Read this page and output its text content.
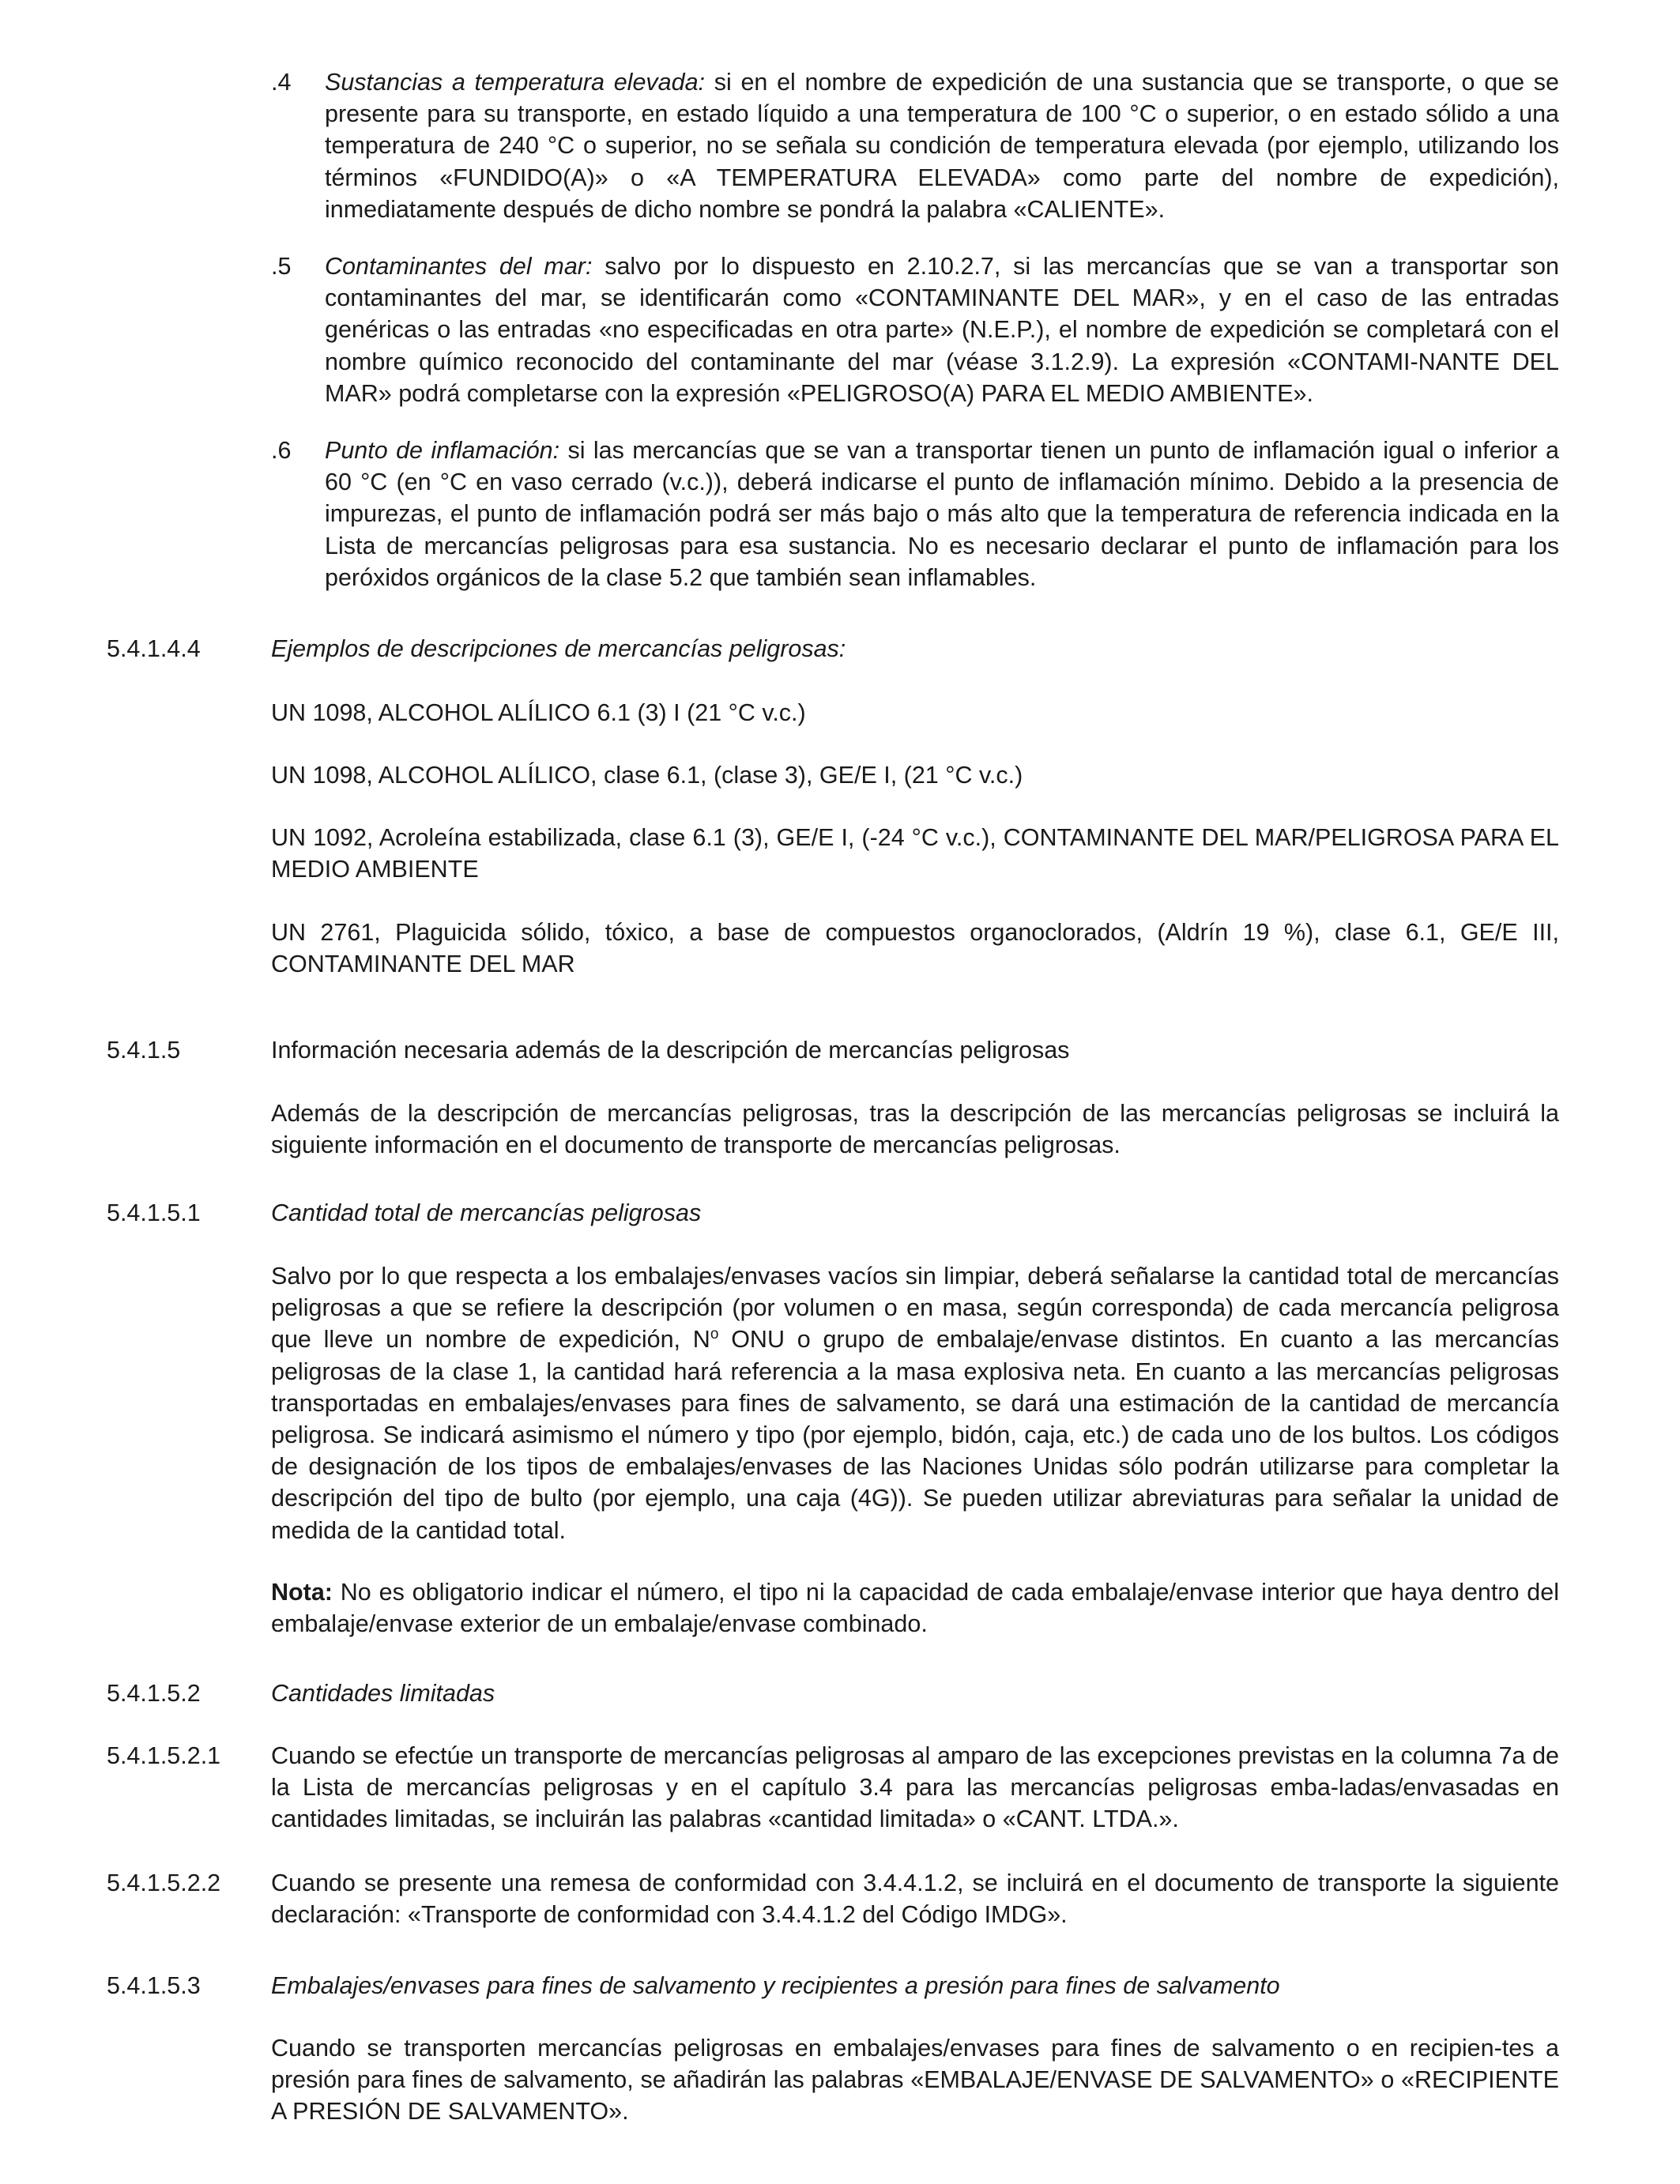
.4 Sustancias a temperatura elevada: si en el nombre de expedición de una sustancia que se transporte, o que se presente para su transporte, en estado líquido a una temperatura de 100 °C o superior, o en estado sólido a una temperatura de 240 °C o superior, no se señala su condición de temperatura elevada (por ejemplo, utilizando los términos «FUNDIDO(A)» o «A TEMPERATURA ELEVADA» como parte del nombre de expedición), inmediatamente después de dicho nombre se pondrá la palabra «CALIENTE».

.5 Contaminantes del mar: salvo por lo dispuesto en 2.10.2.7, si las mercancías que se van a transportar son contaminantes del mar, se identificarán como «CONTAMINANTE DEL MAR», y en el caso de las entradas genéricas o las entradas «no especificadas en otra parte» (N.E.P.), el nombre de expedición se completará con el nombre químico reconocido del contaminante del mar (véase 3.1.2.9). La expresión «CONTAMI-NANTE DEL MAR» podrá completarse con la expresión «PELIGROSO(A) PARA EL MEDIO AMBIENTE».

.6 Punto de inflamación: si las mercancías que se van a transportar tienen un punto de inflamación igual o inferior a 60 °C (en °C en vaso cerrado (v.c.)), deberá indicarse el punto de inflamación mínimo. Debido a la presencia de impurezas, el punto de inflamación podrá ser más bajo o más alto que la temperatura de referencia indicada en la Lista de mercancías peligrosas para esa sustancia. No es necesario declarar el punto de inflamación para los peróxidos orgánicos de la clase 5.2 que también sean inflamables.

5.4.1.4.4	Ejemplos de descripciones de mercancías peligrosas:

UN 1098, ALCOHOL ALÍLICO 6.1 (3) I (21 °C v.c.)

UN 1098, ALCOHOL ALÍLICO, clase 6.1, (clase 3), GE/E I, (21 °C v.c.)

UN 1092, Acroleína estabilizada, clase 6.1 (3), GE/E I, (-24 °C v.c.), CONTAMINANTE DEL MAR/PELIGROSA PARA EL MEDIO AMBIENTE

UN 2761, Plaguicida sólido, tóxico, a base de compuestos organoclorados, (Aldrín 19 %), clase 6.1, GE/E III, CONTAMINANTE DEL MAR

5.4.1.5	Información necesaria además de la descripción de mercancías peligrosas

Además de la descripción de mercancías peligrosas, tras la descripción de las mercancías peligrosas se incluirá la siguiente información en el documento de transporte de mercancías peligrosas.

5.4.1.5.1	Cantidad total de mercancías peligrosas

Salvo por lo que respecta a los embalajes/envases vacíos sin limpiar, deberá señalarse la cantidad total de mercancías peligrosas a que se refiere la descripción (por volumen o en masa, según corresponda) de cada mercancía peligrosa que lleve un nombre de expedición, $N^o$ ONU o grupo de embalaje/envase distintos. En cuanto a las mercancías peligrosas de la clase 1, la cantidad hará referencia a la masa explosiva neta. En cuanto a las mercancías peligrosas transportadas en embalajes/envases para fines de salvamento, se dará una estimación de la cantidad de mercancía peligrosa. Se indicará asimismo el número y tipo (por ejemplo, bidón, caja, etc.) de cada uno de los bultos. Los códigos de designación de los tipos de embalajes/envases de las Naciones Unidas sólo podrán utilizarse para completar la descripción del tipo de bulto (por ejemplo, una caja (4G)). Se pueden utilizar abreviaturas para señalar la unidad de medida de la cantidad total.

Nota: No es obligatorio indicar el número, el tipo ni la capacidad de cada embalaje/envase interior que haya dentro del embalaje/envase exterior de un embalaje/envase combinado.

5.4.1.5.2	Cantidades limitadas
5.4.1.5.2.1 Cuando se efectúe un transporte de mercancías peligrosas al amparo de las excepciones previstas en la columna 7a de la Lista de mercancías peligrosas y en el capítulo 3.4 para las mercancías peligrosas emba-ladas/envasadas en cantidades limitadas, se incluirán las palabras «cantidad limitada» o «CANT. LTDA.».

5.4.1.5.2.2 Cuando se presente una remesa de conformidad con 3.4.4.1.2, se incluirá en el documento de transporte la siguiente declaración: «Transporte de conformidad con 3.4.4.1.2 del Código IMDG».

5.4.1.5.3	Embalajes/envases para fines de salvamento y recipientes a presión para fines de salvamento

Cuando se transporten mercancías peligrosas en embalajes/envases para fines de salvamento o en recipien-tes a presión para fines de salvamento, se añadirán las palabras «EMBALAJE/ENVASE DE SALVAMENTO» o «RECIPIENTE A PRESIÓN DE SALVAMENTO».
